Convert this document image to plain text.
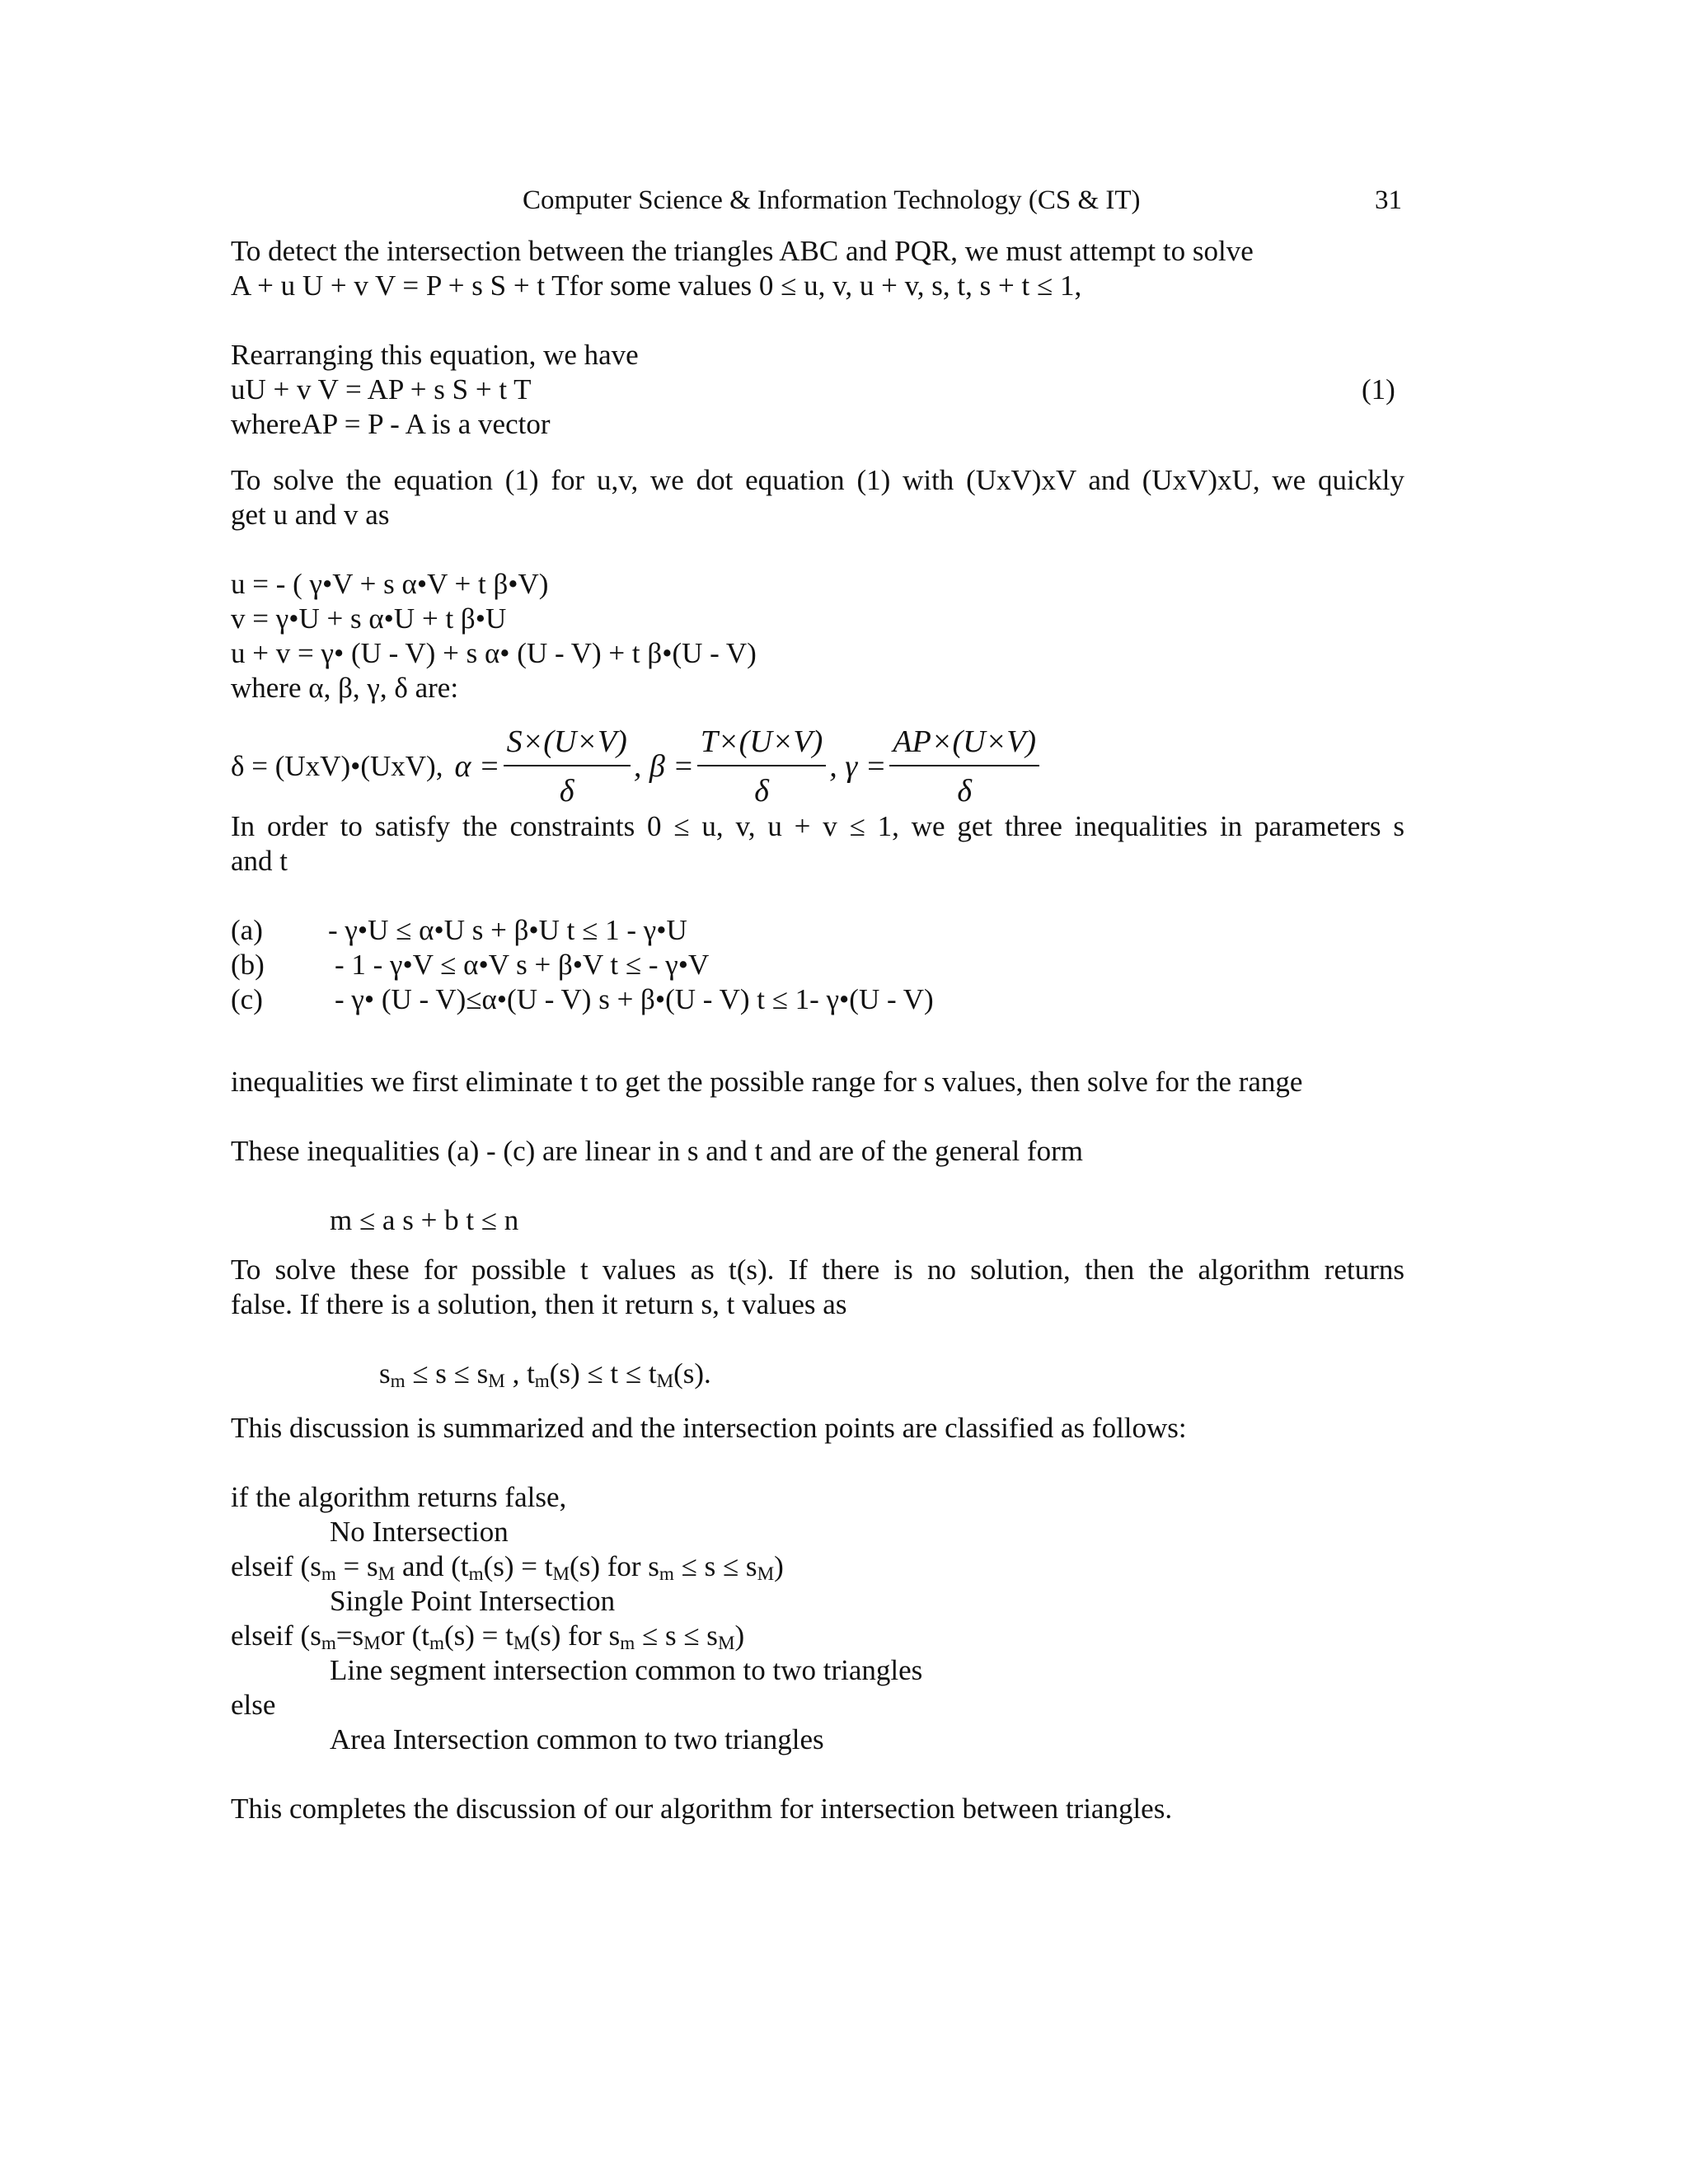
Computer Science & Information Technology (CS & IT)	31
To detect the intersection between the triangles ABC and PQR, we must attempt to solve
A + u U + v V = P + s S + t Tfor some values 0 ≤ u, v, u + v, s, t, s + t ≤ 1,
Rearranging this equation, we have
uU + v V = AP + s S + t T	(1)
whereAP = P - A is a vector
To solve the equation (1) for u,v, we dot equation (1) with (UxV)xV and (UxV)xU, we quickly
get u and v as
u = - ( γ•V + s α•V + t β•V)
v = γ•U + s α•U + t β•U
u + v = γ• (U - V) + s α• (U - V) + t β•(U - V)
where α, β, γ, δ are:
δ = (UxV)•(UxV), $\alpha = \frac{S\times(U\times V)}{\delta}$ , $\beta = \frac{T\times(U\times V)}{\delta}$ , $\gamma = \frac{AP\times(U\times V)}{\delta}$
In order to satisfy the constraints 0 ≤ u, v, u + v ≤ 1, we get three inequalities in parameters s
and t
(a) - γ•U ≤ α•U s + β•U t ≤ 1 - γ•U
(b) - 1 - γ•V ≤ α•V s + β•V t ≤ - γ•V
(c) - γ• (U - V)≤α•(U - V) s + β•(U - V) t ≤ 1- γ•(U - V)
inequalities we first eliminate t to get the possible range for s values, then solve for the range
These inequalities (a) - (c) are linear in s and t and are of the general form
m ≤ a s + b t ≤ n
To solve these for possible t values as t(s). If there is no solution, then the algorithm returns
false. If there is a solution, then it return s, t values as
$s_m \le s \le s_M$ , $t_m(s) \le t \le t_M(s)$.
This discussion is summarized and the intersection points are classified as follows:
if the algorithm returns false,
No Intersection
elseif ($s_m = s_M$ and ($t_m(s) = t_M(s)$ for $s_m \le s \le s_M$)
Single Point Intersection
elseif ($s_m=s_Mor$ ($t_m(s) = t_M(s)$ for $s_m \le s \le s_M$)
Line segment intersection common to two triangles
else
Area Intersection common to two triangles
This completes the discussion of our algorithm for intersection between triangles.
